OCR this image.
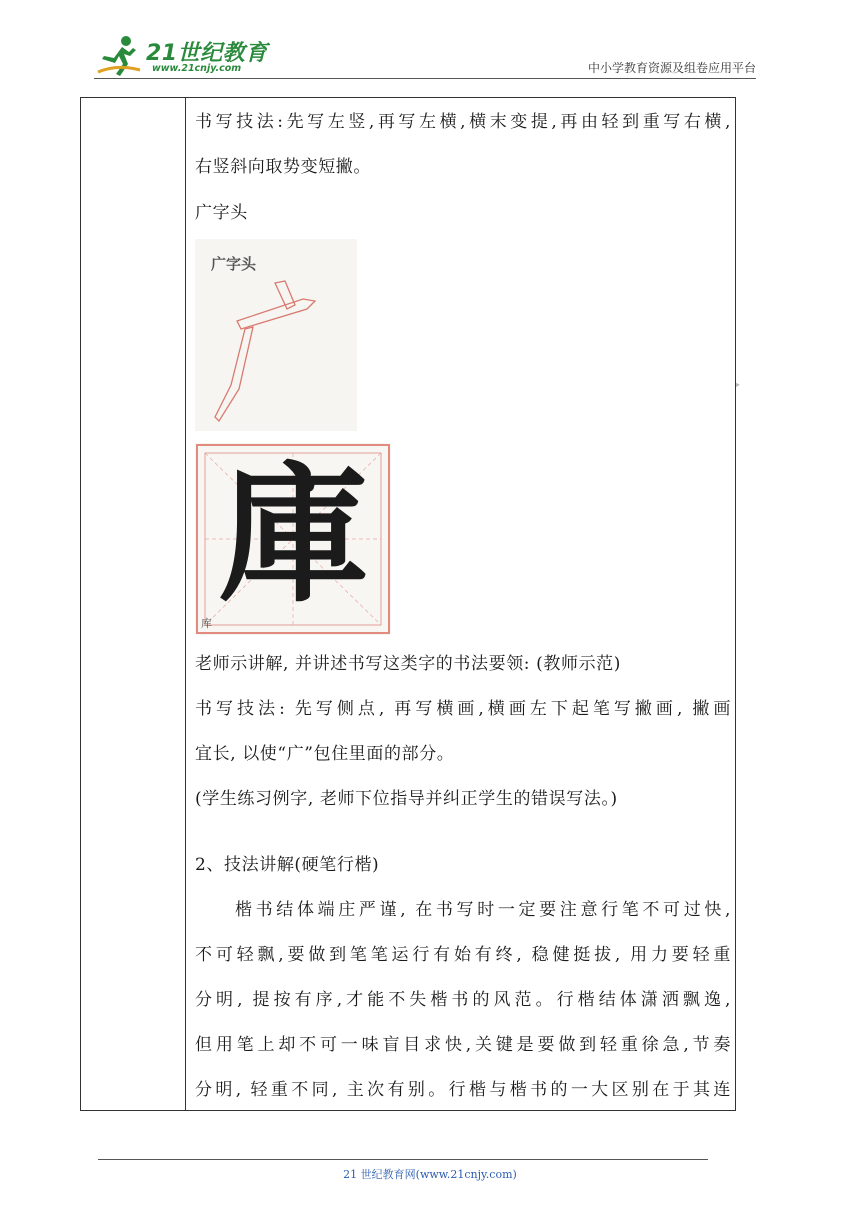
21世纪教育
www.21cnjy.com	中小学教育资源及组卷应用平台
书写技法:先写左竖,再写左横,横末变提,再由轻到重写右横,
右竖斜向取势变短撇。
广字头
广字头
庫
库
老师示讲解, 并讲述书写这类字的书法要领: (教师示范)
书写技法: 先写侧点, 再写横画,横画左下起笔写撇画, 撇画
宜长, 以使“广”包住里面的部分。
(学生练习例字, 老师下位指导并纠正学生的错误写法。)
2、技法讲解(硬笔行楷)
楷书结体端庄严谨, 在书写时一定要注意行笔不可过快,
不可轻飘,要做到笔笔运行有始有终, 稳健挺拔, 用力要轻重
分明, 提按有序,才能不失楷书的风范。行楷结体潇洒飘逸,
但用笔上却不可一味盲目求快,关键是要做到轻重徐急,节奏
分明, 轻重不同, 主次有别。行楷与楷书的一大区别在于其连
▸
21 世纪教育网(www.21cnjy.com)
